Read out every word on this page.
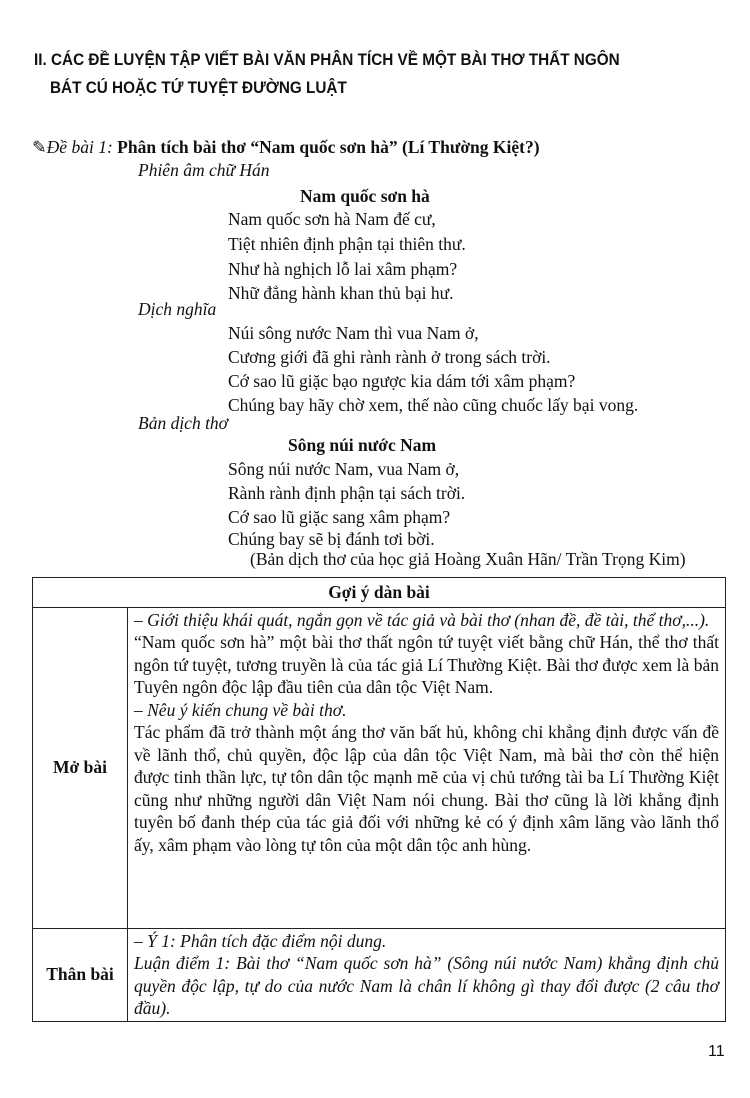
II. CÁC ĐỀ LUYỆN TẬP VIẾT BÀI VĂN PHÂN TÍCH VỀ MỘT BÀI THƠ THẤT NGÔN
BÁT CÚ HOẶC TỨ TUYỆT ĐƯỜNG LUẬT
✎Đề bài 1: Phân tích bài thơ “Nam quốc sơn hà” (Lí Thường Kiệt?)
Phiên âm chữ Hán
Nam quốc sơn hà
Nam quốc sơn hà Nam đế cư,
Tiệt nhiên định phận tại thiên thư.
Như hà nghịch lỗ lai xâm phạm?
Nhữ đẳng hành khan thủ bại hư.
Dịch nghĩa
Núi sông nước Nam thì vua Nam ở,
Cương giới đã ghi rành rành ở trong sách trời.
Cớ sao lũ giặc bạo ngược kia dám tới xâm phạm?
Chúng bay hãy chờ xem, thế nào cũng chuốc lấy bại vong.
Bản dịch thơ
Sông núi nước Nam
Sông núi nước Nam, vua Nam ở,
Rành rành định phận tại sách trời.
Cớ sao lũ giặc sang xâm phạm?
Chúng bay sẽ bị đánh tơi bời.
(Bản dịch thơ của học giả Hoàng Xuân Hãn/ Trần Trọng Kim)
Gợi ý dàn bài	
Mở bài	– Giới thiệu khái quát, ngắn gọn về tác giả và bài thơ (nhan đề, đề tài, thể thơ,...).

“Nam quốc sơn hà” một bài thơ thất ngôn tứ tuyệt viết bằng chữ Hán, thể thơ thất ngôn tứ tuyệt, tương truyền là của tác giả Lí Thường Kiệt. Bài thơ được xem là bản Tuyên ngôn độc lập đầu tiên của dân tộc Việt Nam.

– Nêu ý kiến chung về bài thơ.

Tác phẩm đã trở thành một áng thơ văn bất hủ, không chỉ khẳng định được vấn đề về lãnh thổ, chủ quyền, độc lập của dân tộc Việt Nam, mà bài thơ còn thể hiện được tinh thần lực, tự tôn dân tộc mạnh mẽ của vị chủ tướng tài ba Lí Thường Kiệt cũng như những người dân Việt Nam nói chung. Bài thơ cũng là lời khẳng định tuyên bố đanh thép của tác giả đối với những kẻ có ý định xâm lăng vào lãnh thổ ấy, xâm phạm vào lòng tự tôn của một dân tộc anh hùng.

Thân bài	– Ý 1: Phân tích đặc điểm nội dung.

Luận điểm 1: Bài thơ “Nam quốc sơn hà” (Sông núi nước Nam) khẳng định chủ quyền độc lập, tự do của nước Nam là chân lí không gì thay đổi được (2 câu thơ đầu).

11
